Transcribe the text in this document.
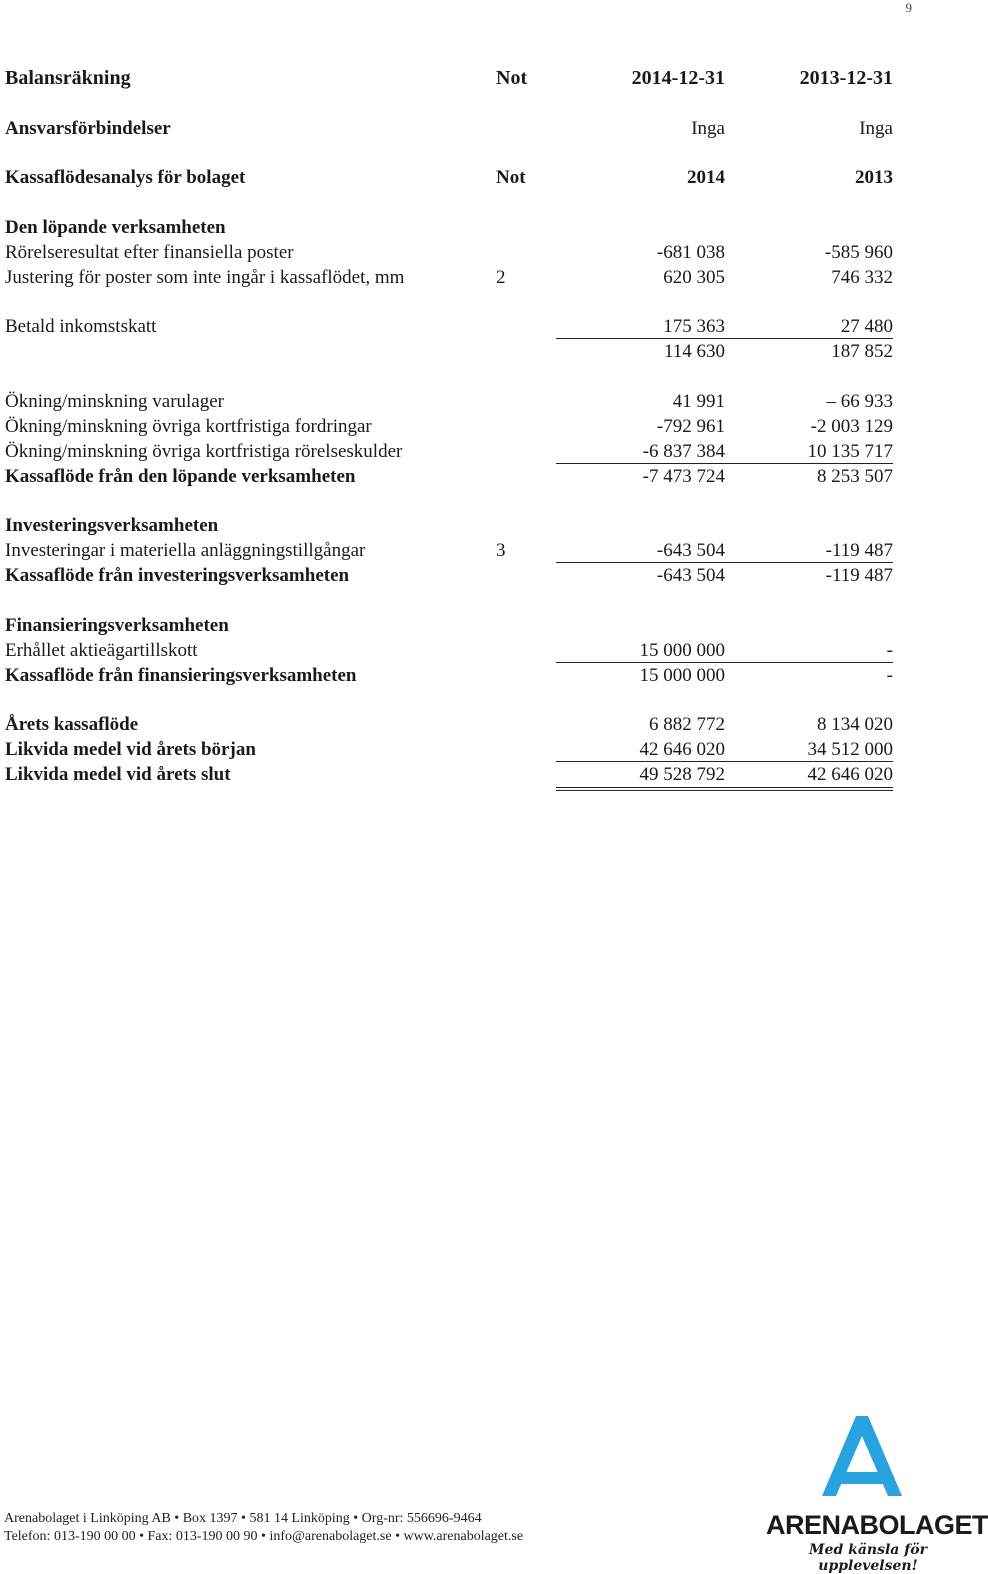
9
Balansräkning	Not	2014-12-31	2013-12-31
Ansvarsförbindelser	Inga	Inga
Kassaflödesanalys för bolaget	Not	2014	2013
Den löpande verksamheten
Rörelseresultat efter finansiella poster	-681 038	-585 960
Justering för poster som inte ingår i kassaflödet, mm	2	620 305	746 332
Betald inkomstskatt	175 363	27 480
114 630	187 852
Ökning/minskning varulager	41 991	– 66 933
Ökning/minskning övriga kortfristiga fordringar	-792 961	-2 003 129
Ökning/minskning övriga kortfristiga rörelseskulder	-6 837 384	10 135 717
Kassaflöde från den löpande verksamheten	-7 473 724	8 253 507
Investeringsverksamheten
Investeringar i materiella anläggningstillgångar	3	-643 504	-119 487
Kassaflöde från investeringsverksamheten	-643 504	-119 487
Finansieringsverksamheten
Erhållet aktieägartillskott	15 000 000	-
Kassaflöde från finansieringsverksamheten	15 000 000	-
Årets kassaflöde	6 882 772	8 134 020
Likvida medel vid årets början	42 646 020	34 512 000
Likvida medel vid årets slut	49 528 792	42 646 020
Arenabolaget i Linköping AB • Box 1397 • 581 14 Linköping • Org-nr: 556696-9464
Telefon: 013-190 00 00 • Fax: 013-190 00 90 • info@arenabolaget.se • www.arenabolaget.se	ARENABOLAGET
Med känsla för upplevelsen!
